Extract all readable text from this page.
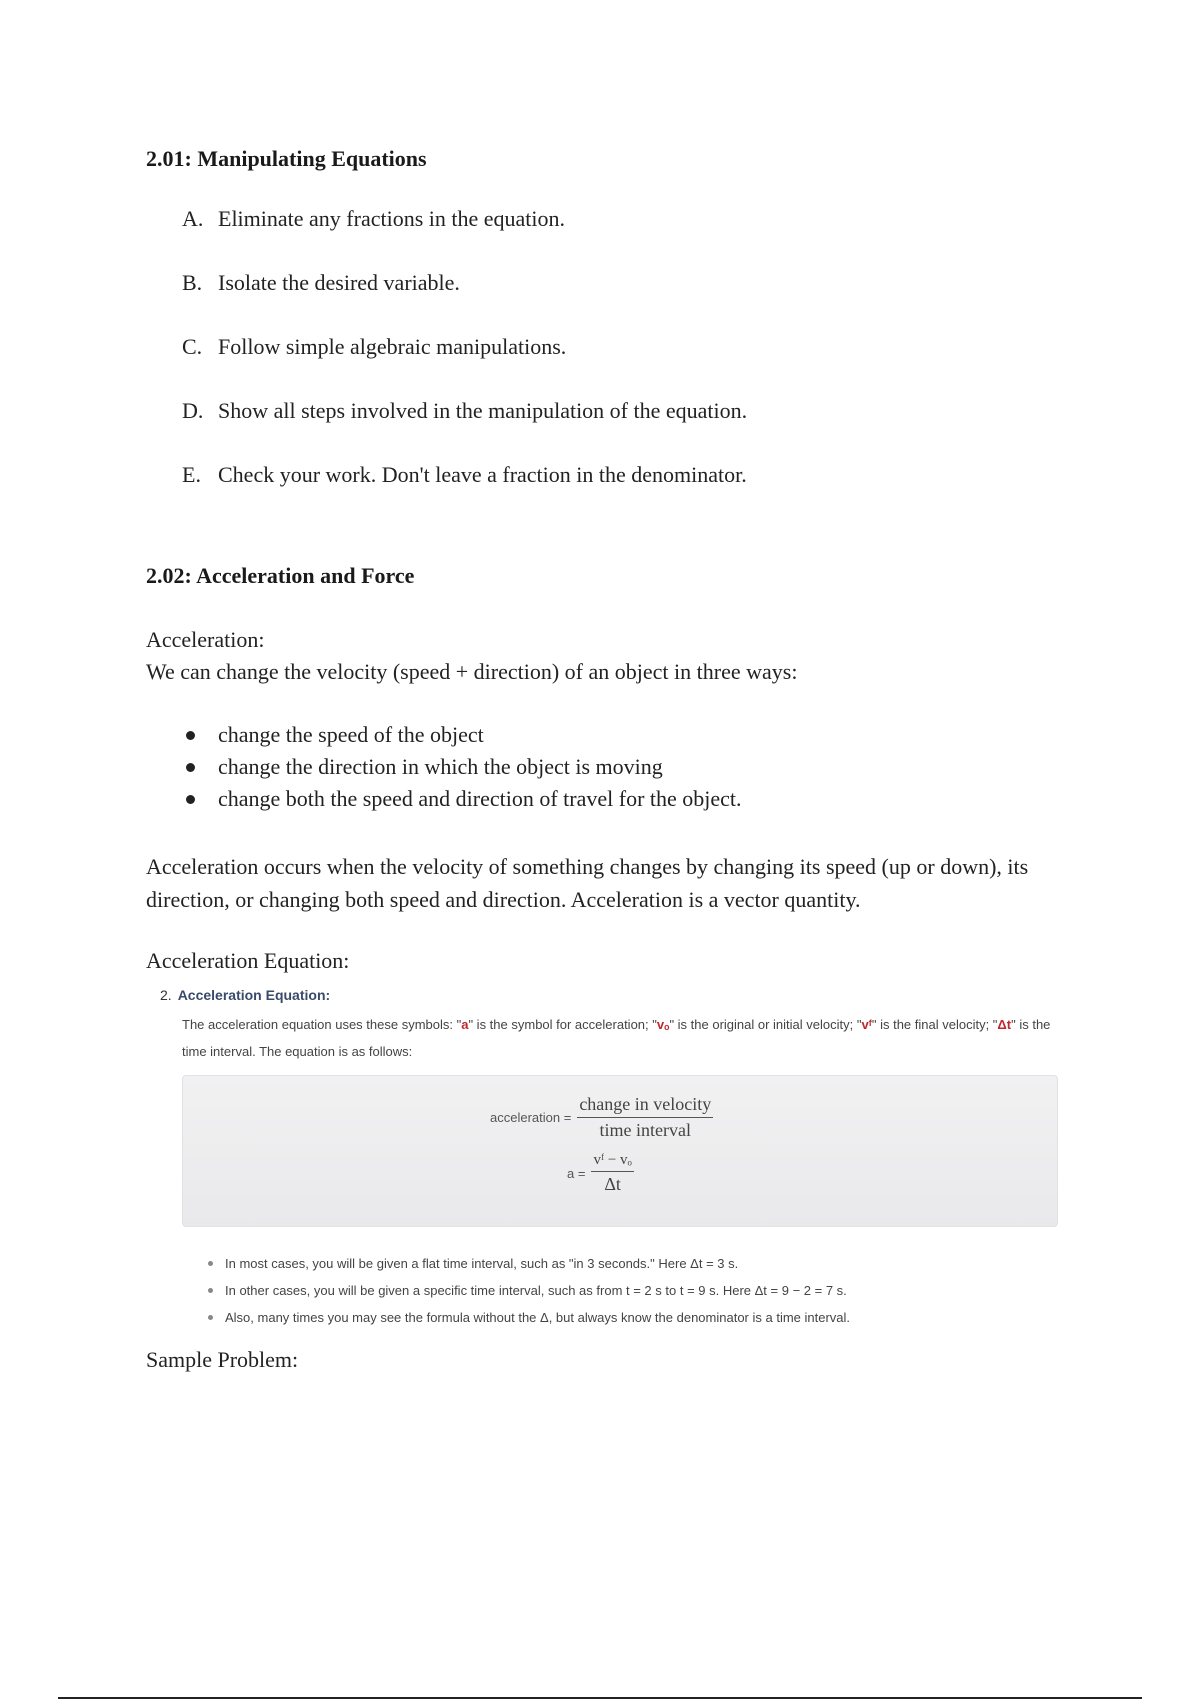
2.01: Manipulating Equations
A. Eliminate any fractions in the equation.
B. Isolate the desired variable.
C. Follow simple algebraic manipulations.
D. Show all steps involved in the manipulation of the equation.
E. Check your work. Don't leave a fraction in the denominator.
2.02: Acceleration and Force
Acceleration:
We can change the velocity (speed + direction) of an object in three ways:
change the speed of the object
change the direction in which the object is moving
change both the speed and direction of travel for the object.
Acceleration occurs when the velocity of something changes by changing its speed (up or down), its direction, or changing both speed and direction. Acceleration is a vector quantity.
Acceleration Equation:
2. Acceleration Equation:
The acceleration equation uses these symbols: "a" is the symbol for acceleration; "vₒ" is the original or initial velocity; "vᶠ" is the final velocity; "Δt" is the time interval. The equation is as follows:
acceleration = $\frac{\text{change in velocity}}{\text{time interval}}$
$a = \frac{\text{vᶠ − vₒ}}{\Delta t}$
In most cases, you will be given a flat time interval, such as "in 3 seconds." Here Δt = 3 s.
In other cases, you will be given a specific time interval, such as from t = 2 s to t = 9 s. Here Δt = 9 − 2 = 7 s.
Also, many times you may see the formula without the Δ, but always know the denominator is a time interval.
Sample Problem:
